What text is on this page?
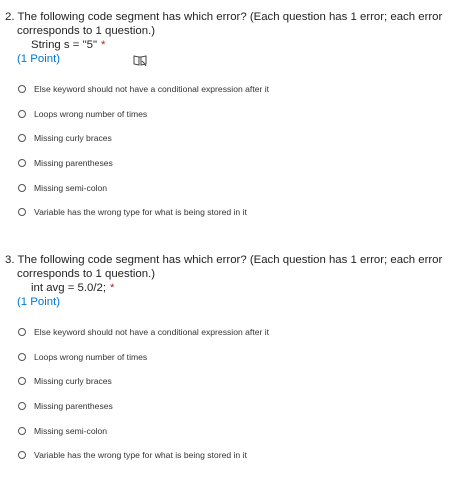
2. The following code segment has which error? (Each question has 1 error; each error corresponds to 1 question.)
String s = "5" *

(1 Point)
Else keyword should not have a conditional expression after it
Loops wrong number of times
Missing curly braces
Missing parentheses
Missing semi-colon
Variable has the wrong type for what is being stored in it
3. The following code segment has which error? (Each question has 1 error; each error corresponds to 1 question.)
int avg = 5.0/2; *
(1 Point)
Else keyword should not have a conditional expression after it
Loops wrong number of times
Missing curly braces
Missing parentheses
Missing semi-colon
Variable has the wrong type for what is being stored in it
